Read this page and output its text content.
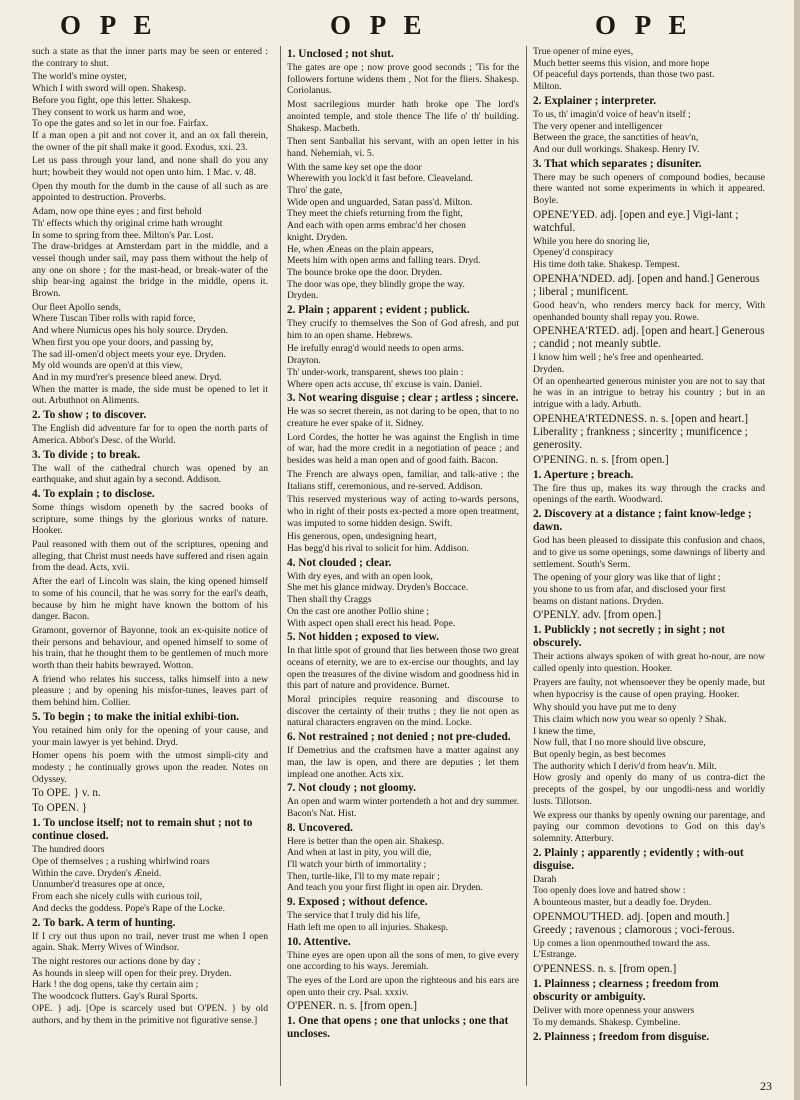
O P E	O P E	O P E
such a state as that the inner parts may be seen or entered : the contrary to shut.
The world's mine oyster,
Which I with sword will open. Shakesp.
Before you fight, ope this letter. Shakesp.
They consent to work us harm and woe,
To ope the gates and so let in our foe. Fairfax.
If a man open a pit and not cover it, and an ox fall therein, the owner of the pit shall make it good. Exodus, xxi. 23.
Let us pass through your land, and none shall do you any hurt; howbeit they would not open unto him. 1 Mac. v. 48.
Open thy mouth for the dumb in the cause of all such as are appointed to destruction. Proverbs.
Adam, now ope thine eyes ; and first behold
Th' effects which thy original crime hath wrought
In some to spring from thee. Milton's Par. Lost.
The draw-bridges at Amsterdam part in the middle, and a vessel though under sail, may pass them without the help of any one on shore ; for the mast-head, or break-water of the ship bear-ing against the bridge in the middle, opens it. Brown.
Our fleet Apollo sends,
Where Tuscan Tiber rolls with rapid force,
And where Numicus opes his holy source. Dryden.
When first you ope your doors, and passing by,
The sad ill-omen'd object meets your eye. Dryden.
My old wounds are open'd at this view,
And in my murd'rer's presence bleed anew. Dryd.
When the matter is made, the side must be opened to let it out. Arbuthnot on Aliments.
2. To show ; to discover.
The English did adventure far for to open the north parts of America. Abbot's Desc. of the World.
3. To divide ; to break.
The wall of the cathedral church was opened by an earthquake, and shut again by a second. Addison.
4. To explain ; to disclose.
Some things wisdom openeth by the sacred books of scripture, some things by the glorious works of nature. Hooker.
Paul reasoned with them out of the scriptures, opening and alleging, that Christ must needs have suffered and risen again from the dead. Acts, xvii.
After the earl of Lincoln was slain, the king opened himself to some of his council, that he was sorry for the earl's death, because by him he might have known the bottom of his danger. Bacon.
Gramont, governor of Bayonne, took an ex-quisite notice of their persons and behaviour, and opened himself to some of his train, that he thought them to be gentlemen of much more worth than their habits bewrayed. Wotton.
A friend who relates his success, talks himself into a new pleasure ; and by opening his misfor-tunes, leaves part of them behind him. Collier.
5. To begin ; to make the initial exhibi-tion.
You retained him only for the opening of your cause, and your main lawyer is yet behind. Dryd.
Homer opens his poem with the utmost simpli-city and modesty ; he continually grows upon the reader. Notes on Odyssey.
To OPE. } v. n.
To OPEN. }
1. To unclose itself; not to remain shut ; not to continue closed.
The hundred doors
Ope of themselves ; a rushing whirlwind roars
Within the cave. Dryden's Æneid.
Unnumber'd treasures ope at once,
From each she nicely culls with curious toil,
And decks the goddess. Pope's Rape of the Locke.
2. To bark. A term of hunting.
If I cry out thus upon no trail, never trust me when I open again. Shak. Merry Wives of Windsor.
The night restores our actions done by day ;
As hounds in sleep will open for their prey. Dryden.
Hark ! the dog opens, take thy certain aim ;
The woodcock flutters. Gay's Rural Sports.
OPE. } adj. [Ope is scarcely used but O'PEN. } by old authors, and by them in the primitive not figurative sense.]
1. Unclosed ; not shut.
The gates are ope ; now prove good seconds ; 'Tis for the followers fortune widens them , Not for the fliers. Shakesp. Coriolanus.
Most sacrilegious murder hath broke ope The lord's anointed temple, and stole thence The life o' th' building. Shakesp. Macbeth.
Then sent Sanballat his servant, with an open letter in his hand. Nehemiah, vi. 5.
With the same key set ope the door
Wherewith you lock'd it fast before. Cleaveland.
Thro' the gate,
Wide open and unguarded, Satan pass'd. Milton.
They meet the chiefs returning from the fight,
And each with open arms embrac'd her chosen
knight. Dryden.
He, when Æneas on the plain appears,
Meets him with open arms and falling tears. Dryd.
The bounce broke ope the door. Dryden.
The door was ope, they blindly grope the way.
Dryden.
2. Plain ; apparent ; evident ; publick.
They crucify to themselves the Son of God afresh, and put him to an open shame. Hebrews.
He irefully enrag'd would needs to open arms.
Drayton.
Th' under-work, transparent, shews too plain :
Where open acts accuse, th' excuse is vain. Daniel.
3. Not wearing disguise ; clear ; artless ; sincere.
He was so secret therein, as not daring to be open, that to no creature he ever spake of it. Sidney.
Lord Cordes, the hotter he was against the English in time of war, had the more credit in a negotiation of peace ; and besides was held a man open and of good faith. Bacon.
The French are always open, familiar, and talk-ative ; the Italians stiff, ceremonious, and re-served. Addison.
This reserved mysterious way of acting to-wards persons, who in right of their posts ex-pected a more open treatment, was imputed to some hidden design. Swift.
His generous, open, undesigning heart,
Has begg'd his rival to solicit for him. Addison.
4. Not clouded ; clear.
With dry eyes, and with an open look,
She met his glance midway. Dryden's Boccace.
Then shall thy Craggs
On the cast ore another Pollio shine ;
With aspect open shall erect his head. Pope.
5. Not hidden ; exposed to view.
In that little spot of ground that lies between those two great oceans of eternity, we are to ex-ercise our thoughts, and lay open the treasures of the divine wisdom and goodness hid in this part of nature and providence. Burnet.
Moral principles require reasoning and discourse to discover the certainty of their truths ; they lie not open as natural characters engraven on the mind. Locke.
6. Not restrained ; not denied ; not pre-cluded.
If Demetrius and the craftsmen have a matter against any man, the law is open, and there are deputies ; let them implead one another. Acts xix.
7. Not cloudy ; not gloomy.
An open and warm winter portendeth a hot and dry summer. Bacon's Nat. Hist.
8. Uncovered.
Here is better than the open air. Shakesp.
And when at last in pity, you will die,
I'll watch your birth of immortality ;
Then, turtle-like, I'll to my mate repair ;
And teach you your first flight in open air. Dryden.
9. Exposed ; without defence.
The service that I truly did his life,
Hath left me open to all injuries. Shakesp.
10. Attentive.
Thine eyes are open upon all the sons of men, to give every one according to his ways. Jeremiah.
The eyes of the Lord are upon the righteous and his ears are open unto their cry. Psal. xxxiv.
O'PENER. n. s. [from open.]
1. One that opens ; one that unlocks ; one that uncloses.
True opener of mine eyes,
Much better seems this vision, and more hope
Of peaceful days portends, than those two past.
Milton.
2. Explainer ; interpreter.
To us, th' imagin'd voice of heav'n itself ;
The very opener and intelligencer
Between the grace, the sanctities of heav'n,
And our dull workings. Shakesp. Henry IV.
3. That which separates ; disuniter.
There may be such openers of compound bodies, because there wanted not some experiments in which it appeared. Boyle.
OPENE'YED. adj. [open and eye.] Vigi-lant ; watchful.
While you here do snoring lie,
Openey'd conspiracy
His time doth take. Shakesp. Tempest.
OPENHA'NDED. adj. [open and hand.] Generous ; liberal ; munificent.
Good heav'n, who renders mercy back for mercy, With openhanded bounty shall repay you. Rowe.
OPENHEA'RTED. adj. [open and heart.] Generous ; candid ; not meanly subtle.
I know him well ; he's free and openhearted.
Dryden.
Of an openhearted generous minister you are not to say that he was in an intrigue to betray his country ; but in an intrigue with a lady. Arbuth.
OPENHEA'RTEDNESS. n. s. [open and heart.] Liberality ; frankness ; sincerity ; munificence ; generosity.
O'PENING. n. s. [from open.]
1. Aperture ; breach.
The fire thus up, makes its way through the cracks and openings of the earth. Woodward.
2. Discovery at a distance ; faint know-ledge ; dawn.
God has been pleased to dissipate this confusion and chaos, and to give us some openings, some dawnings of liberty and settlement. South's Serm.
The opening of your glory was like that of light ;
you shone to us from afar, and disclosed your first
beams on distant nations. Dryden.
O'PENLY. adv. [from open.]
1. Publickly ; not secretly ; in sight ; not obscurely.
Their actions always spoken of with great ho-nour, are now called openly into question. Hooker.
Prayers are faulty, not whensoever they be openly made, but when hypocrisy is the cause of open praying. Hooker.
Why should you have put me to deny
This claim which now you wear so openly ? Shak.
I knew the time,
Now full, that I no more should live obscure,
But openly begin, as best becomes
The authority which I deriv'd from heav'n. Milt.
How grosly and openly do many of us contra-dict the precepts of the gospel, by our ungodli-ness and worldly lusts. Tillotson.
We express our thanks by openly owning our parentage, and paying our common devotions to God on this day's solemnity. Atterbury.
2. Plainly ; apparently ; evidently ; with-out disguise.
Darah
Too openly does love and hatred show :
A bounteous master, but a deadly foe. Dryden.
OPENMOU'THED. adj. [open and mouth.] Greedy ; ravenous ; clamorous ; voci-ferous.
Up comes a lion openmouthed toward the ass.
L'Estrange.
O'PENNESS. n. s. [from open.]
1. Plainness ; clearness ; freedom from obscurity or ambiguity.
Deliver with more openness your answers
To my demands. Shakesp. Cymbeline.
2. Plainness ; freedom from disguise.
23
